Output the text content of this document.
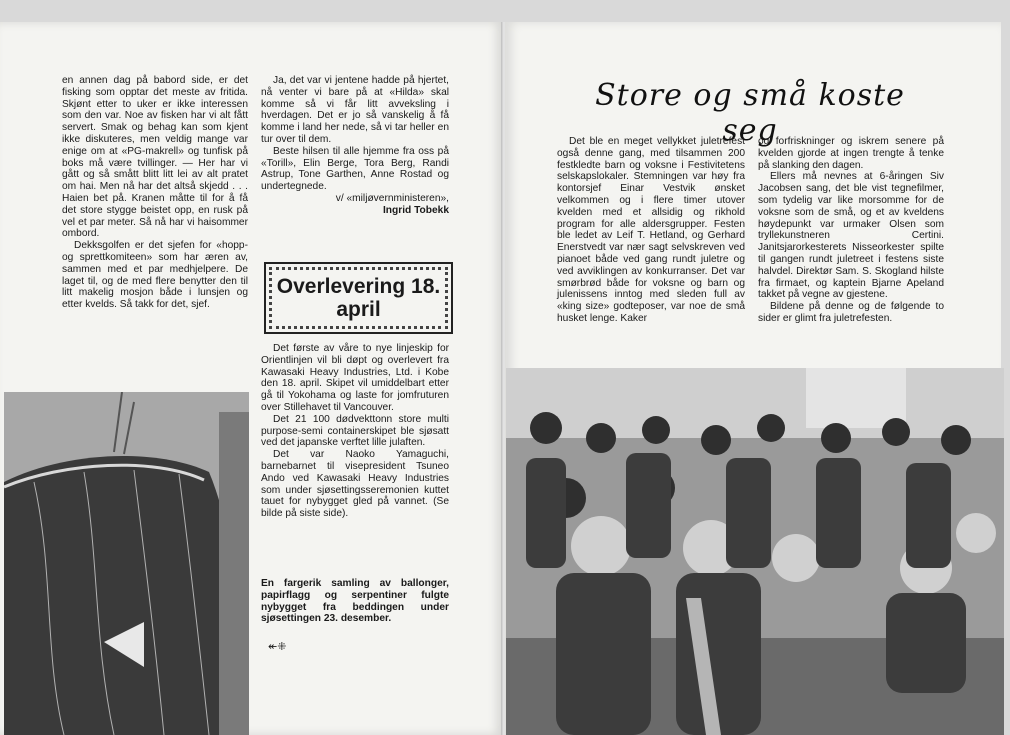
en annen dag på babord side, er det fisking som opptar det meste av fritida. Skjønt etter to uker er ikke interessen som den var. Noe av fisken har vi alt fått servert. Smak og behag kan som kjent ikke diskuteres, men veldig mange var enige om at «PG-makrell» og tunfisk på boks må være tvillinger. — Her har vi gått og så smått blitt litt lei av alt pratet om hai. Men nå har det altså skjedd . . . Haien bet på. Kranen måtte til for å få det store stygge beistet opp, en rusk på vel et par meter. Så nå har vi haisommer ombord.

Dekksgolfen er det sjefen for «hopp- og sprettkomiteen» som har æren av, sammen med et par medhjelpere. De laget til, og de med flere benytter den til litt makelig mosjon både i lunsjen og etter kvelds. Så takk for det, sjef.

Ja, det var vi jentene hadde på hjertet, nå venter vi bare på at «Hilda» skal komme så vi får litt avveksling i hverdagen. Det er jo så vanskelig å få komme i land her nede, så vi tar heller en tur over til dem.

Beste hilsen til alle hjemme fra oss på «Torill», Elin Berge, Tora Berg, Randi Astrup, Tone Garthen, Anne Rostad og undertegnede.

v/ «miljøvernministeren»,

Ingrid Tobekk

Overlevering 18. april

Det første av våre to nye linjeskip for Orientlinjen vil bli døpt og overlevert fra Kawasaki Heavy Industries, Ltd. i Kobe den 18. april. Skipet vil umiddelbart etter gå til Yokohama og laste for jomfruturen over Stillehavet til Vancouver.

Det 21 100 dødvekttonn store multi purpose-semi containerskipet ble sjøsatt ved det japanske verftet lille julaften.

Det var Naoko Yamaguchi, barnebarnet til visepresident Tsuneo Ando ved Kawasaki Heavy Industries som under sjøsettingsseremonien kuttet tauet for nybygget gled på vannet. (Se bilde på siste side).

En fargerik samling av ballonger, papirflagg og serpentiner fulgte nybygget fra beddingen under sjøsettingen 23. desember.

↞⁜
Store og små koste seg

Det ble en meget vellykket juletrefest også denne gang, med tilsammen 200 festkledte barn og voksne i Festivitetens selskapslokaler. Stemningen var høy fra kontorsjef Einar Vestvik ønsket velkommen og i flere timer utover kvelden med et allsidig og rikhold program for alle aldersgrupper. Festen ble ledet av Leif T. Hetland, og Gerhard Enerstvedt var nær sagt selvskreven ved pianoet både ved gang rundt juletre og ved avviklingen av konkurranser. Det var smørbrød både for voksne og barn og julenissens inntog med sleden full av «king size» godteposer, var noe de små husket lenge. Kaker

og forfriskninger og iskrem senere på kvelden gjorde at ingen trengte å tenke på slanking den dagen.

Ellers må nevnes at 6-åringen Siv Jacobsen sang, det ble vist tegnefilmer, som tydelig var like morsomme for de voksne som de små, og et av kveldens høydepunkt var urmaker Olsen som tryllekunstneren Certini. Janitsjarorkesterets Nisseorkester spilte til gangen rundt juletreet i festens siste halvdel. Direktør Sam. S. Skogland hilste fra firmaet, og kaptein Bjarne Apeland takket på vegne av gjestene.

Bildene på denne og de følgende to sider er glimt fra juletrefesten.
